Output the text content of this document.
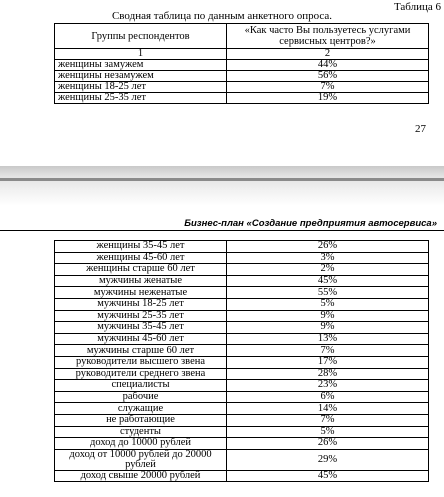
Таблица 6
Сводная таблица по данным анкетного опроса.
Группы респондентов	«Как часто Вы пользуетесь услугами сервисных центров?»
1	2
женщины замужем	44%
женщины незамужем	56%
женщины 18-25 лет	7%
женщины 25-35 лет	19%
27
Бизнес-план «Создание предприятия автосервиса»
женщины 35-45 лет	26%
женщины 45-60 лет	3%
женщины старше 60 лет	2%
мужчины женатые	45%
мужчины неженатые	55%
мужчины 18-25 лет	5%
мужчины 25-35 лет	9%
мужчины 35-45 лет	9%
мужчины 45-60 лет	13%
мужчины старше 60 лет	7%
руководители высшего звена	17%
руководители среднего звена	28%
специалисты	23%
рабочие	6%
служащие	14%
не работающие	7%
студенты	5%
доход до 10000 рублей	26%
доход от 10000 рублей до 20000 рублей	29%
доход свыше 20000 рублей	45%
